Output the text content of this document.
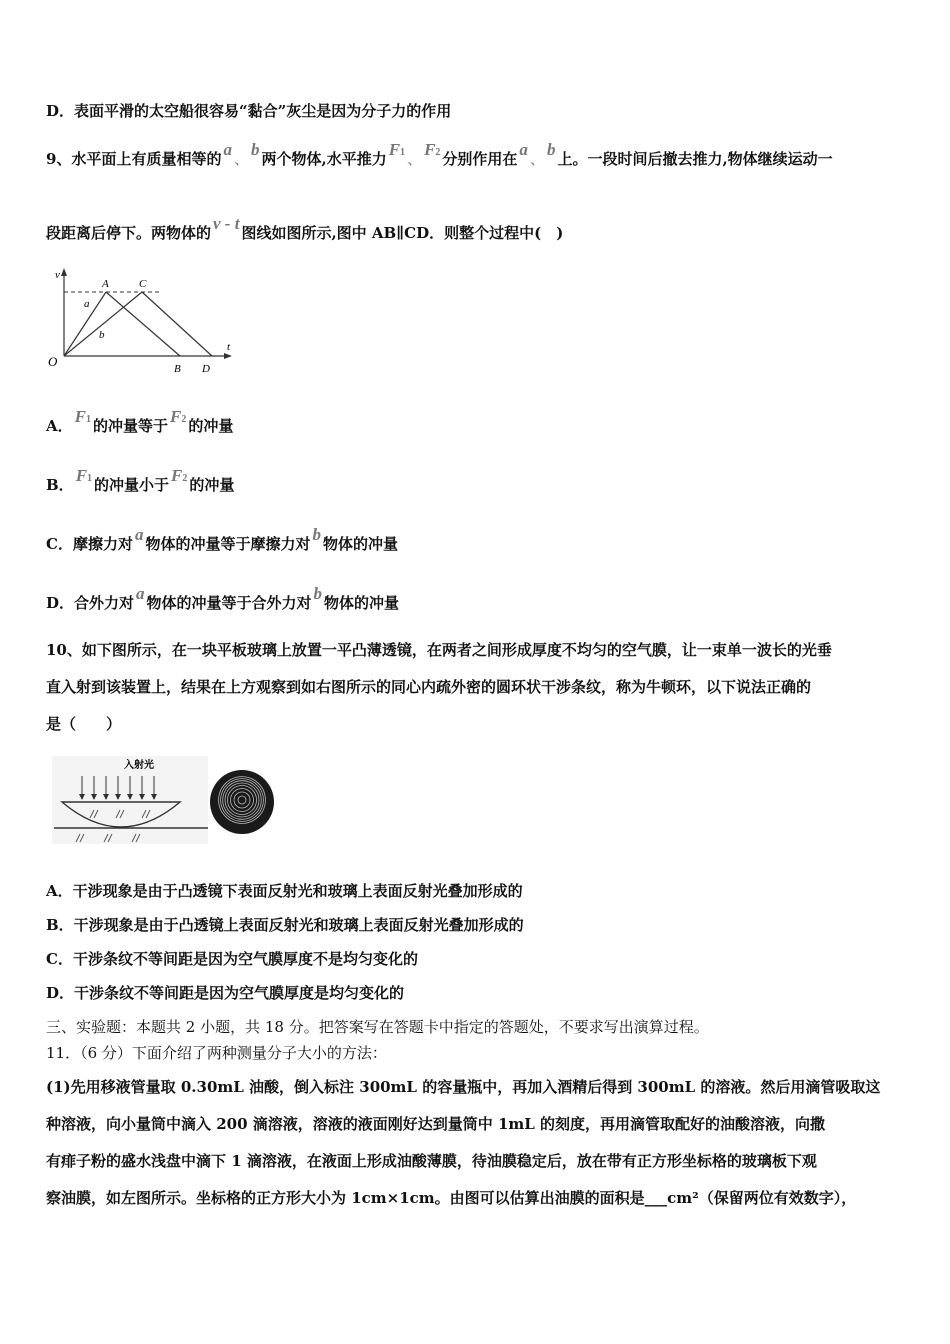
D．表面平滑的太空船很容易“黏合”灰尘是因为分子力的作用
9、水平面上有质量相等的 a 、 b 两个物体,水平推力 F1 、 F2 分别作用在 a 、 b 上。一段时间后撤去推力,物体继续运动一
段距离后停下。两物体的 v - t 图线如图所示,图中 AB∥CD．则整个过程中(　)
v
t
O
A	C
a
b
B D
A． F1 的冲量等于 F2 的冲量
B． F1 的冲量小于 F2 的冲量
C．摩擦力对 a 物体的冲量等于摩擦力对 b 物体的冲量
D．合外力对 a 物体的冲量等于合外力对 b 物体的冲量
10、如下图所示，在一块平板玻璃上放置一平凸薄透镜，在两者之间形成厚度不均匀的空气膜，让一束单一波长的光垂
直入射到该装置上，结果在上方观察到如右图所示的同心内疏外密的圆环状干涉条纹，称为牛顿环，以下说法正确的
是（　　）
入射光
A．干涉现象是由于凸透镜下表面反射光和玻璃上表面反射光叠加形成的
B．干涉现象是由于凸透镜上表面反射光和玻璃上表面反射光叠加形成的
C．干涉条纹不等间距是因为空气膜厚度不是均匀变化的
D．干涉条纹不等间距是因为空气膜厚度是均匀变化的
三、实验题：本题共 2 小题，共 18 分。把答案写在答题卡中指定的答题处，不要求写出演算过程。
11．（6 分）下面介绍了两种测量分子大小的方法：
(1)先用移液管量取 0.30mL 油酸，倒入标注 300mL 的容量瓶中，再加入酒精后得到 300mL 的溶液。然后用滴管吸取这
种溶液，向小量筒中滴入 200 滴溶液，溶液的液面刚好达到量筒中 1mL 的刻度，再用滴管取配好的油酸溶液，向撒
有痱子粉的盛水浅盘中滴下 1 滴溶液，在液面上形成油酸薄膜，待油膜稳定后，放在带有正方形坐标格的玻璃板下观
察油膜，如左图所示。坐标格的正方形大小为 1cm×1cm。由图可以估算出油膜的面积是___cm²（保留两位有效数字），
